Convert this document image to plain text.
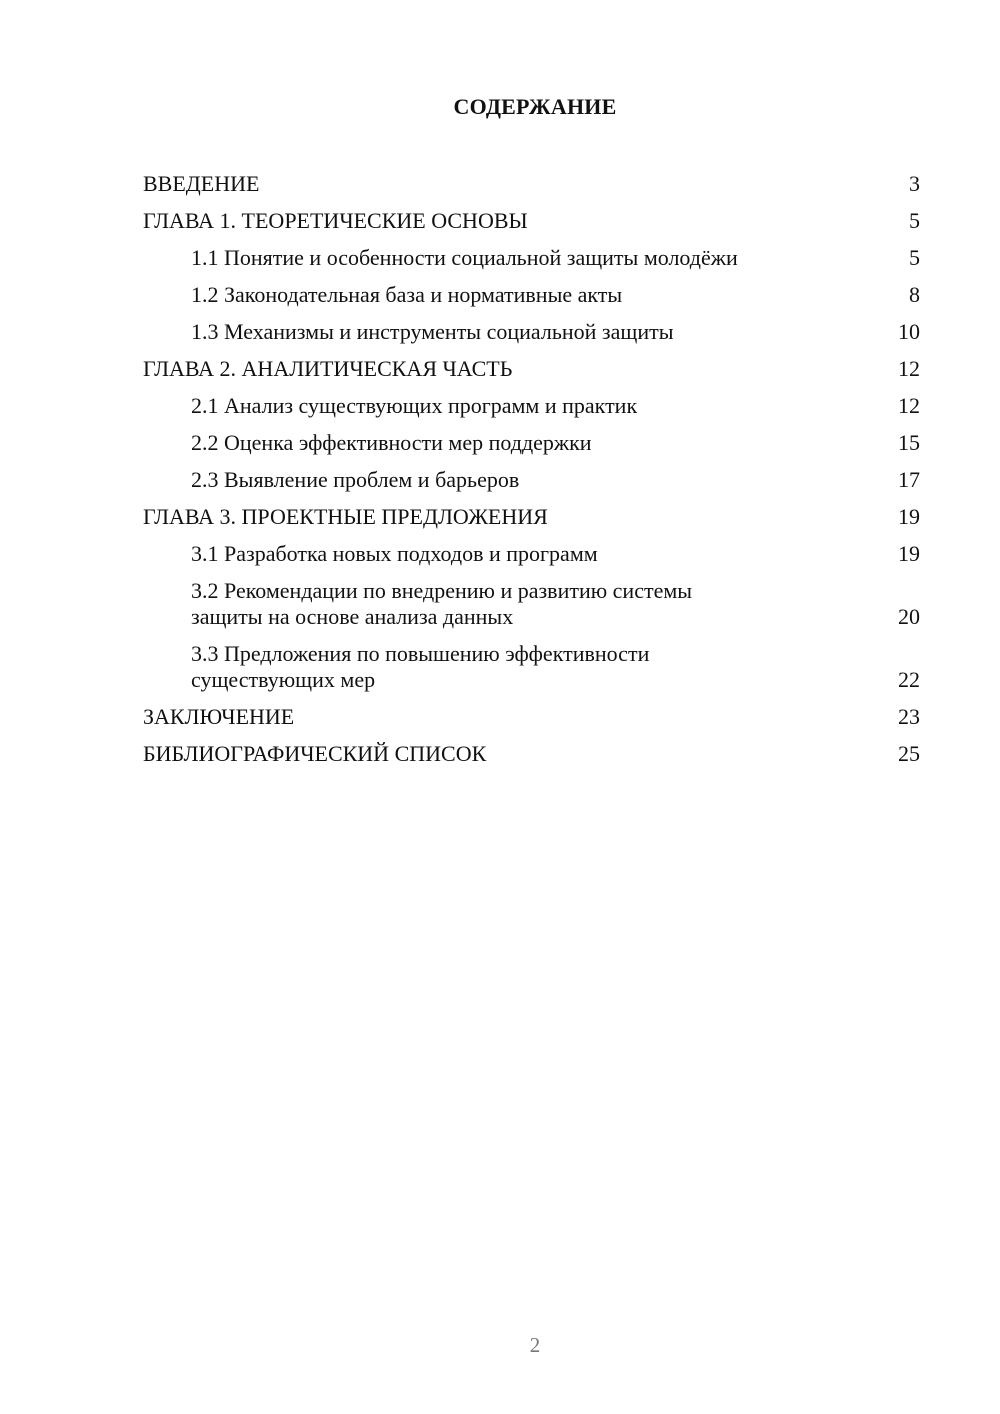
СОДЕРЖАНИЕ
ВВЕДЕНИЕ	3
ГЛАВА 1. ТЕОРЕТИЧЕСКИЕ ОСНОВЫ	5
1.1 Понятие и особенности социальной защиты молодёжи	5
1.2 Законодательная база и нормативные акты	8
1.3 Механизмы и инструменты социальной защиты	10
ГЛАВА 2. АНАЛИТИЧЕСКАЯ ЧАСТЬ	12
2.1 Анализ существующих программ и практик	12
2.2 Оценка эффективности мер поддержки	15
2.3 Выявление проблем и барьеров	17
ГЛАВА 3. ПРОЕКТНЫЕ ПРЕДЛОЖЕНИЯ	19
3.1 Разработка новых подходов и программ	19
3.2 Рекомендации по внедрению и развитию системы
защиты на основе анализа данных	20
3.3 Предложения по повышению эффективности
существующих мер	22
ЗАКЛЮЧЕНИЕ	23
БИБЛИОГРАФИЧЕСКИЙ СПИСОК	25
2
